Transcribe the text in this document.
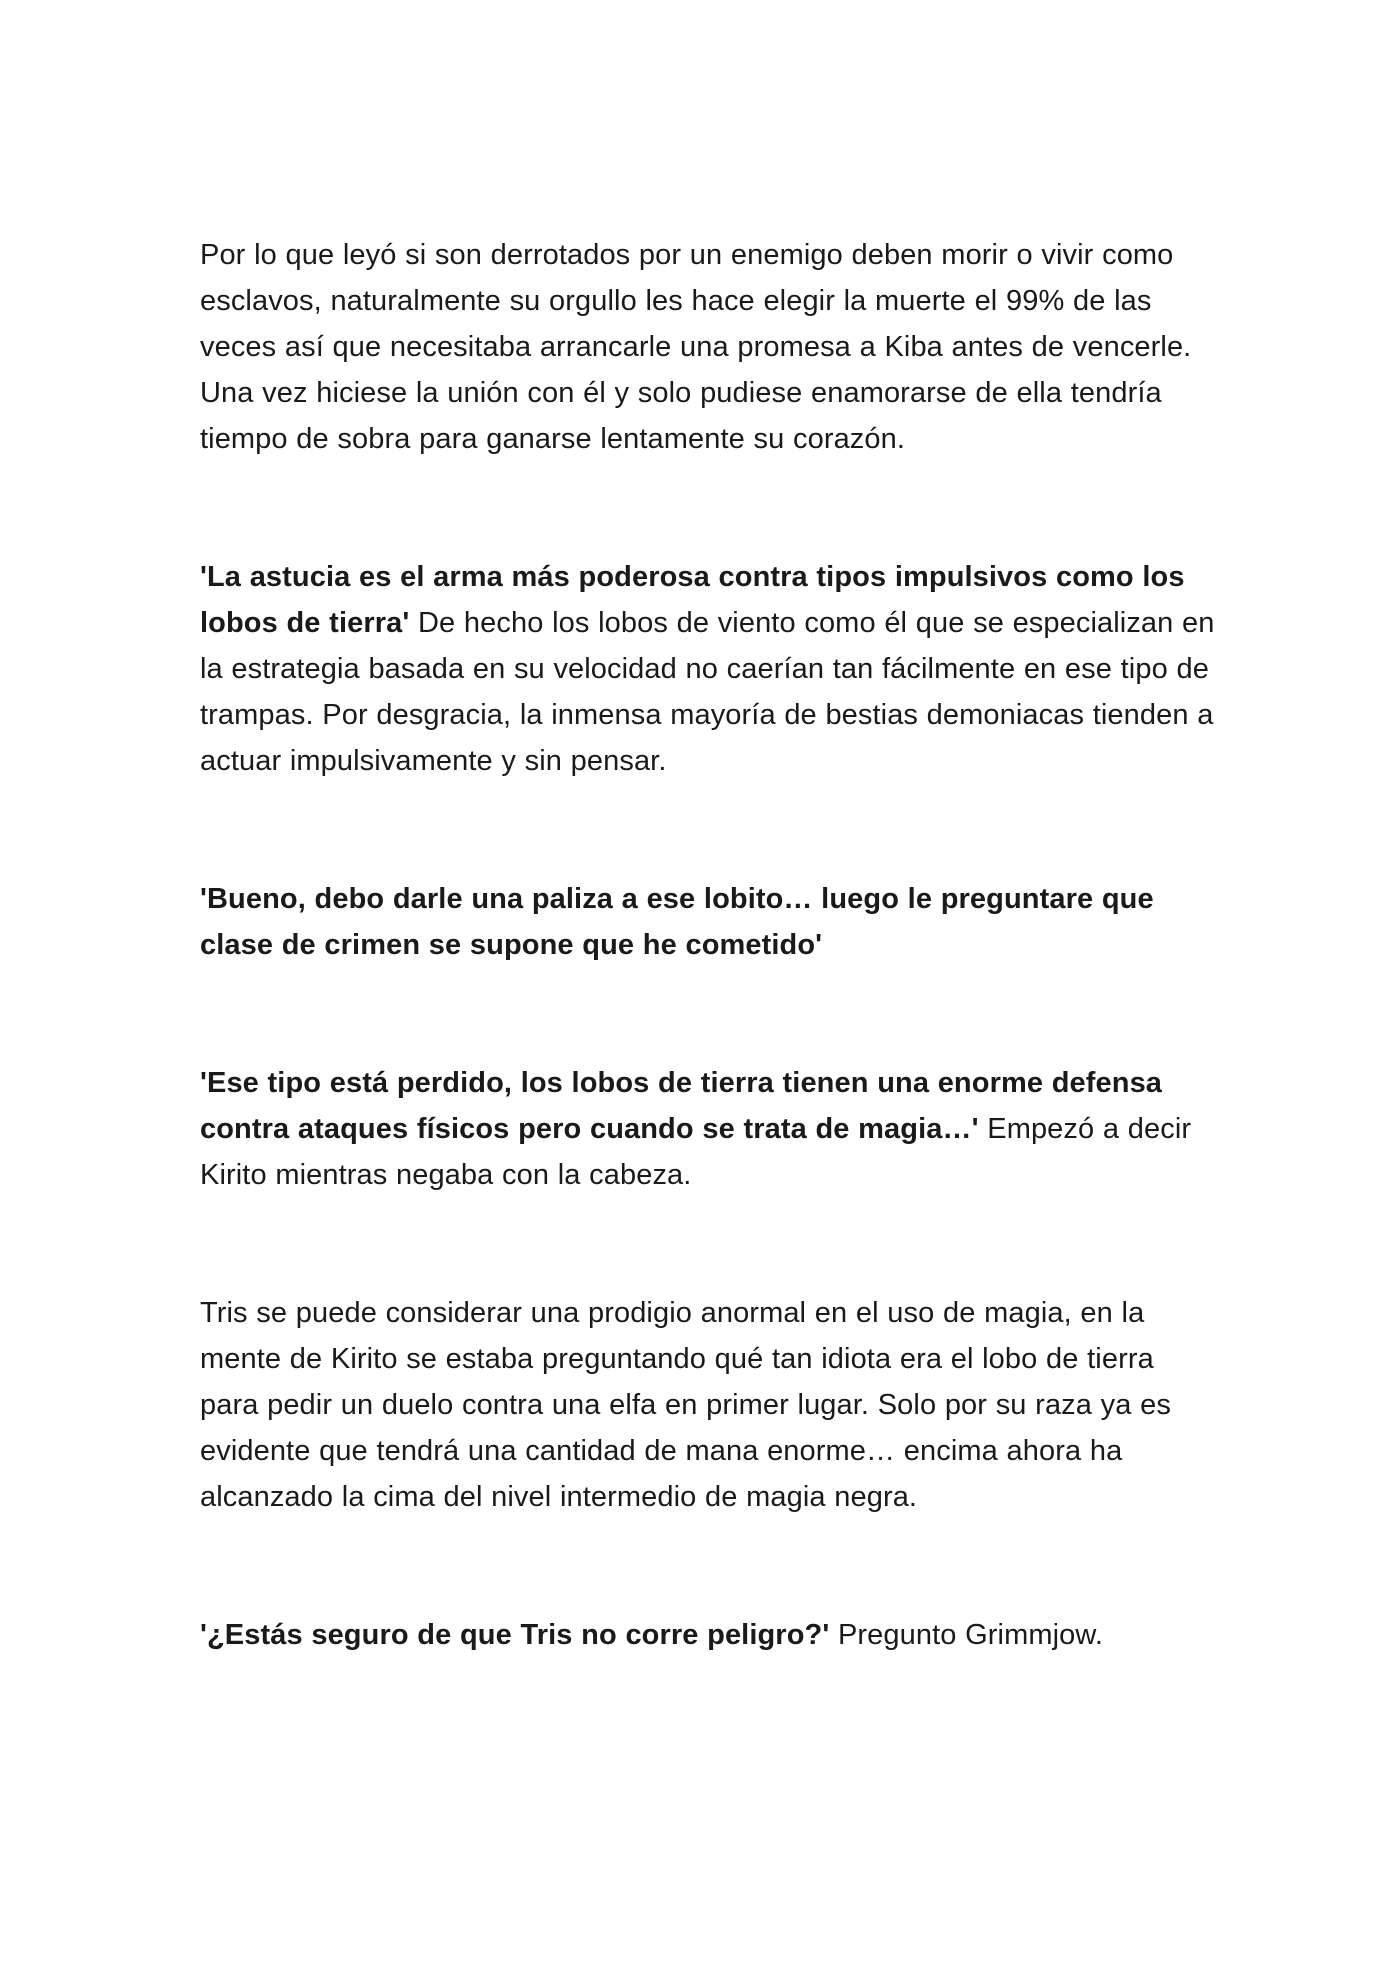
Por lo que leyó si son derrotados por un enemigo deben morir o vivir como esclavos, naturalmente su orgullo les hace elegir la muerte el 99% de las veces así que necesitaba arrancarle una promesa a Kiba antes de vencerle. Una vez hiciese la unión con él y solo pudiese enamorarse de ella tendría tiempo de sobra para ganarse lentamente su corazón.

'La astucia es el arma más poderosa contra tipos impulsivos como los lobos de tierra' De hecho los lobos de viento como él que se especializan en la estrategia basada en su velocidad no caerían tan fácilmente en ese tipo de trampas. Por desgracia, la inmensa mayoría de bestias demoniacas tienden a actuar impulsivamente y sin pensar.

'Bueno, debo darle una paliza a ese lobito… luego le preguntare que clase de crimen se supone que he cometido'

'Ese tipo está perdido, los lobos de tierra tienen una enorme defensa contra ataques físicos pero cuando se trata de magia…' Empezó a decir Kirito mientras negaba con la cabeza.

Tris se puede considerar una prodigio anormal en el uso de magia, en la mente de Kirito se estaba preguntando qué tan idiota era el lobo de tierra para pedir un duelo contra una elfa en primer lugar. Solo por su raza ya es evidente que tendrá una cantidad de mana enorme… encima ahora ha alcanzado la cima del nivel intermedio de magia negra.

'¿Estás seguro de que Tris no corre peligro?' Pregunto Grimmjow.
